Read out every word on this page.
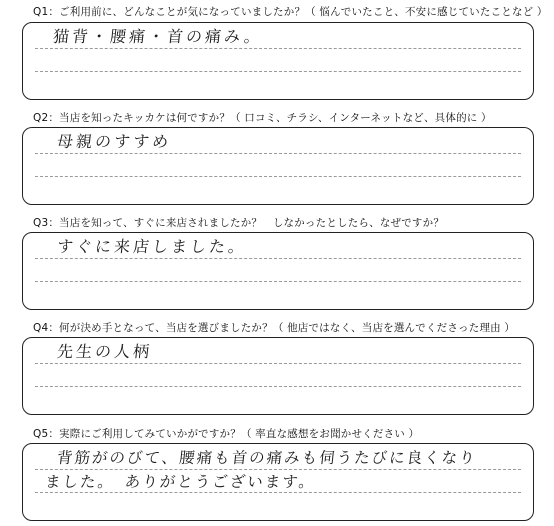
Q1：ご利用前に、どんなことが気になっていましたか？（ 悩んでいたこと、不安に感じていたことなど ）
猫背・腰痛・首の痛み。
Q2：当店を知ったキッカケは何ですか？（ 口コミ、チラシ、インターネットなど、具体的に ）
母親のすすめ
Q3：当店を知って、すぐに来店されましたか？　しなかったとしたら、なぜですか？
すぐに来店しました。
Q4：何が決め手となって、当店を選びましたか？（ 他店ではなく、当店を選んでくださった理由 ）
先生の人柄
Q5：実際にご利用してみていかがですか？（ 率直な感想をお聞かせください ）
背筋がのびて、腰痛も首の痛みも伺うたびに良くなり
ました。　ありがとうございます。
